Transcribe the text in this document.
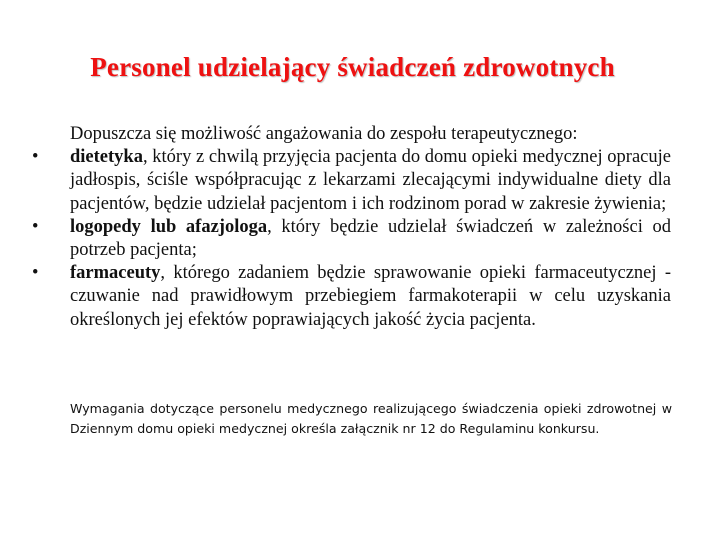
Personel udzielający świadczeń zdrowotnych

Dopuszcza się możliwość angażowania do zespołu terapeutycznego:

•	dietetyka, który z chwilą przyjęcia pacjenta do domu opieki medycznej opracuje jadłospis, ściśle współpracując z lekarzami zlecającymi indywidualne diety dla pacjentów, będzie udzielał pacjentom i ich rodzinom porad w zakresie żywienia;
•	logopedy lub afazjologa, który będzie udzielał świadczeń w zależności od potrzeb pacjenta;
•	farmaceuty, którego zadaniem będzie sprawowanie opieki farmaceutycznej - czuwanie nad prawidłowym przebiegiem farmakoterapii w celu uzyskania określonych jej efektów poprawiających jakość życia pacjenta.
Wymagania dotyczące personelu medycznego realizującego świadczenia opieki zdrowotnej w Dziennym domu opieki medycznej określa załącznik nr 12 do Regulaminu konkursu.
